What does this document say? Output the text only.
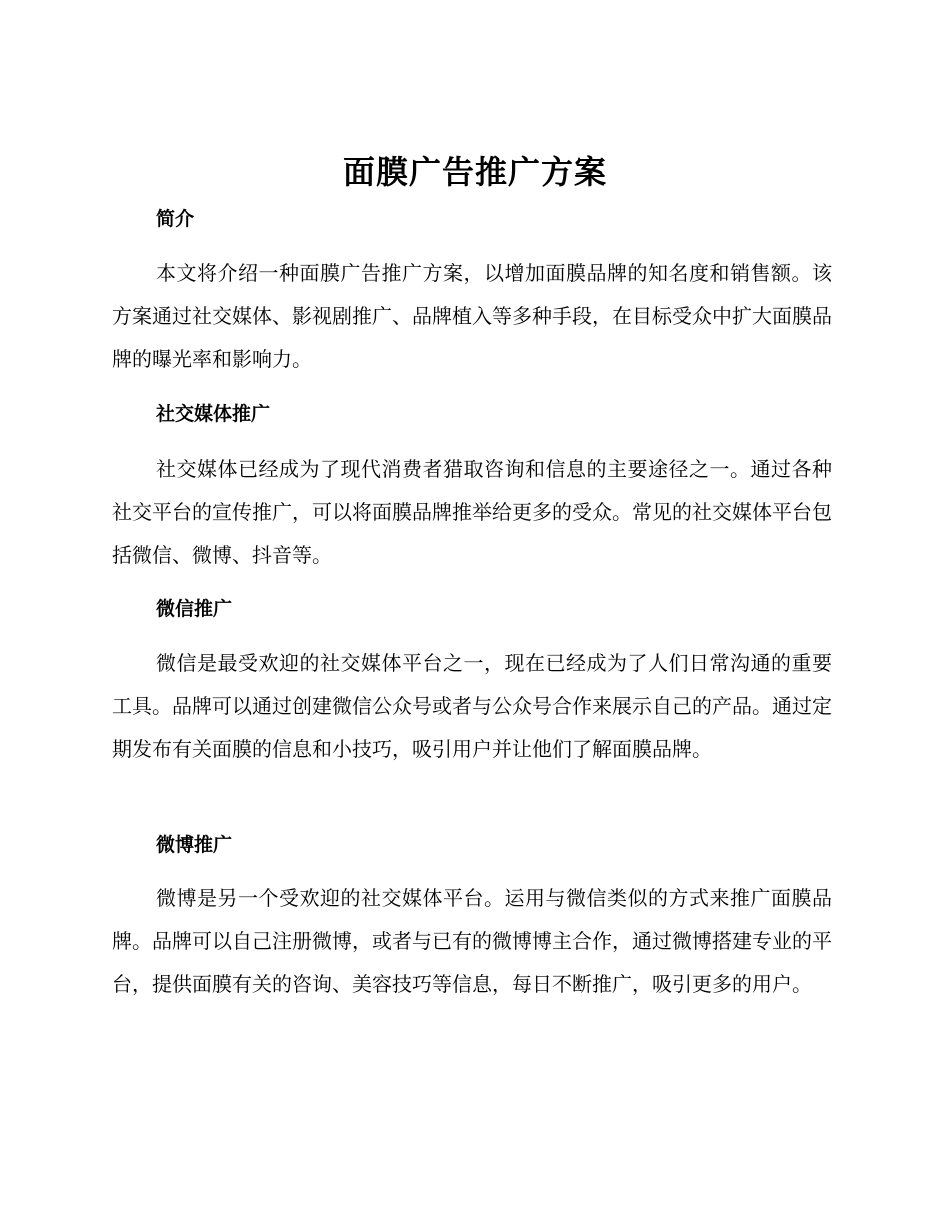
面膜广告推广方案
简介

本文将介绍一种面膜广告推广方案，以增加面膜品牌的知名度和销售额。该方案通过社交媒体、影视剧推广、品牌植入等多种手段，在目标受众中扩大面膜品牌的曝光率和影响力。

社交媒体推广

社交媒体已经成为了现代消费者猎取咨询和信息的主要途径之一。通过各种社交平台的宣传推广，可以将面膜品牌推举给更多的受众。常见的社交媒体平台包括微信、微博、抖音等。

微信推广

微信是最受欢迎的社交媒体平台之一，现在已经成为了人们日常沟通的重要工具。品牌可以通过创建微信公众号或者与公众号合作来展示自己的产品。通过定期发布有关面膜的信息和小技巧，吸引用户并让他们了解面膜品牌。

微博推广

微博是另一个受欢迎的社交媒体平台。运用与微信类似的方式来推广面膜品牌。品牌可以自己注册微博，或者与已有的微博博主合作，通过微博搭建专业的平台，提供面膜有关的咨询、美容技巧等信息，每日不断推广，吸引更多的用户。
